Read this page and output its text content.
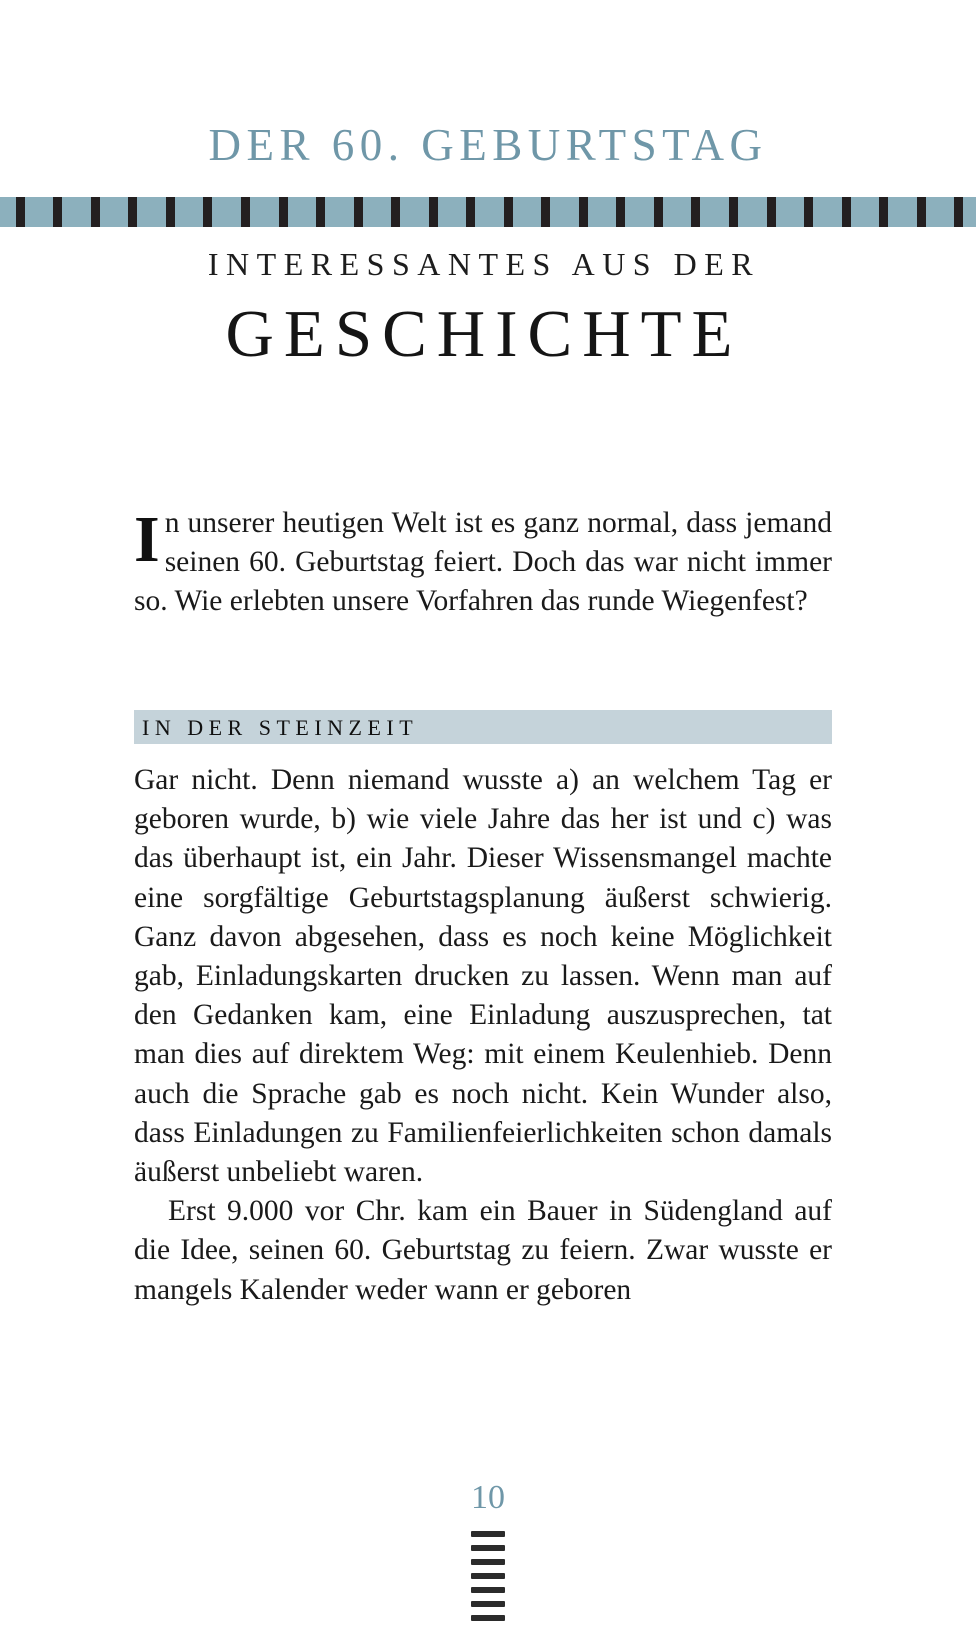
DER 60. GEBURTSTAG
INTERESSANTES AUS DER
GESCHICHTE

In unserer heutigen Welt ist es ganz normal, dass jemand seinen 60. Geburtstag feiert. Doch das war nicht immer so. Wie erlebten unsere Vorfahren das runde Wiegenfest?

IN DER STEINZEIT

Gar nicht. Denn niemand wusste a) an welchem Tag er geboren wurde, b) wie viele Jahre das her ist und c) was das überhaupt ist, ein Jahr. Dieser Wissensmangel machte eine sorgfältige Geburtstagsplanung äußerst schwierig. Ganz davon abgesehen, dass es noch keine Möglichkeit gab, Einladungskarten drucken zu lassen. Wenn man auf den Gedanken kam, eine Einladung auszusprechen, tat man dies auf direktem Weg: mit einem Keulenhieb. Denn auch die Sprache gab es noch nicht. Kein Wunder also, dass Einladungen zu Familienfeierlichkeiten schon damals äußerst unbeliebt waren.

Erst 9.000 vor Chr. kam ein Bauer in Südengland auf die Idee, seinen 60. Geburtstag zu feiern. Zwar wusste er mangels Kalender weder wann er geboren

10
